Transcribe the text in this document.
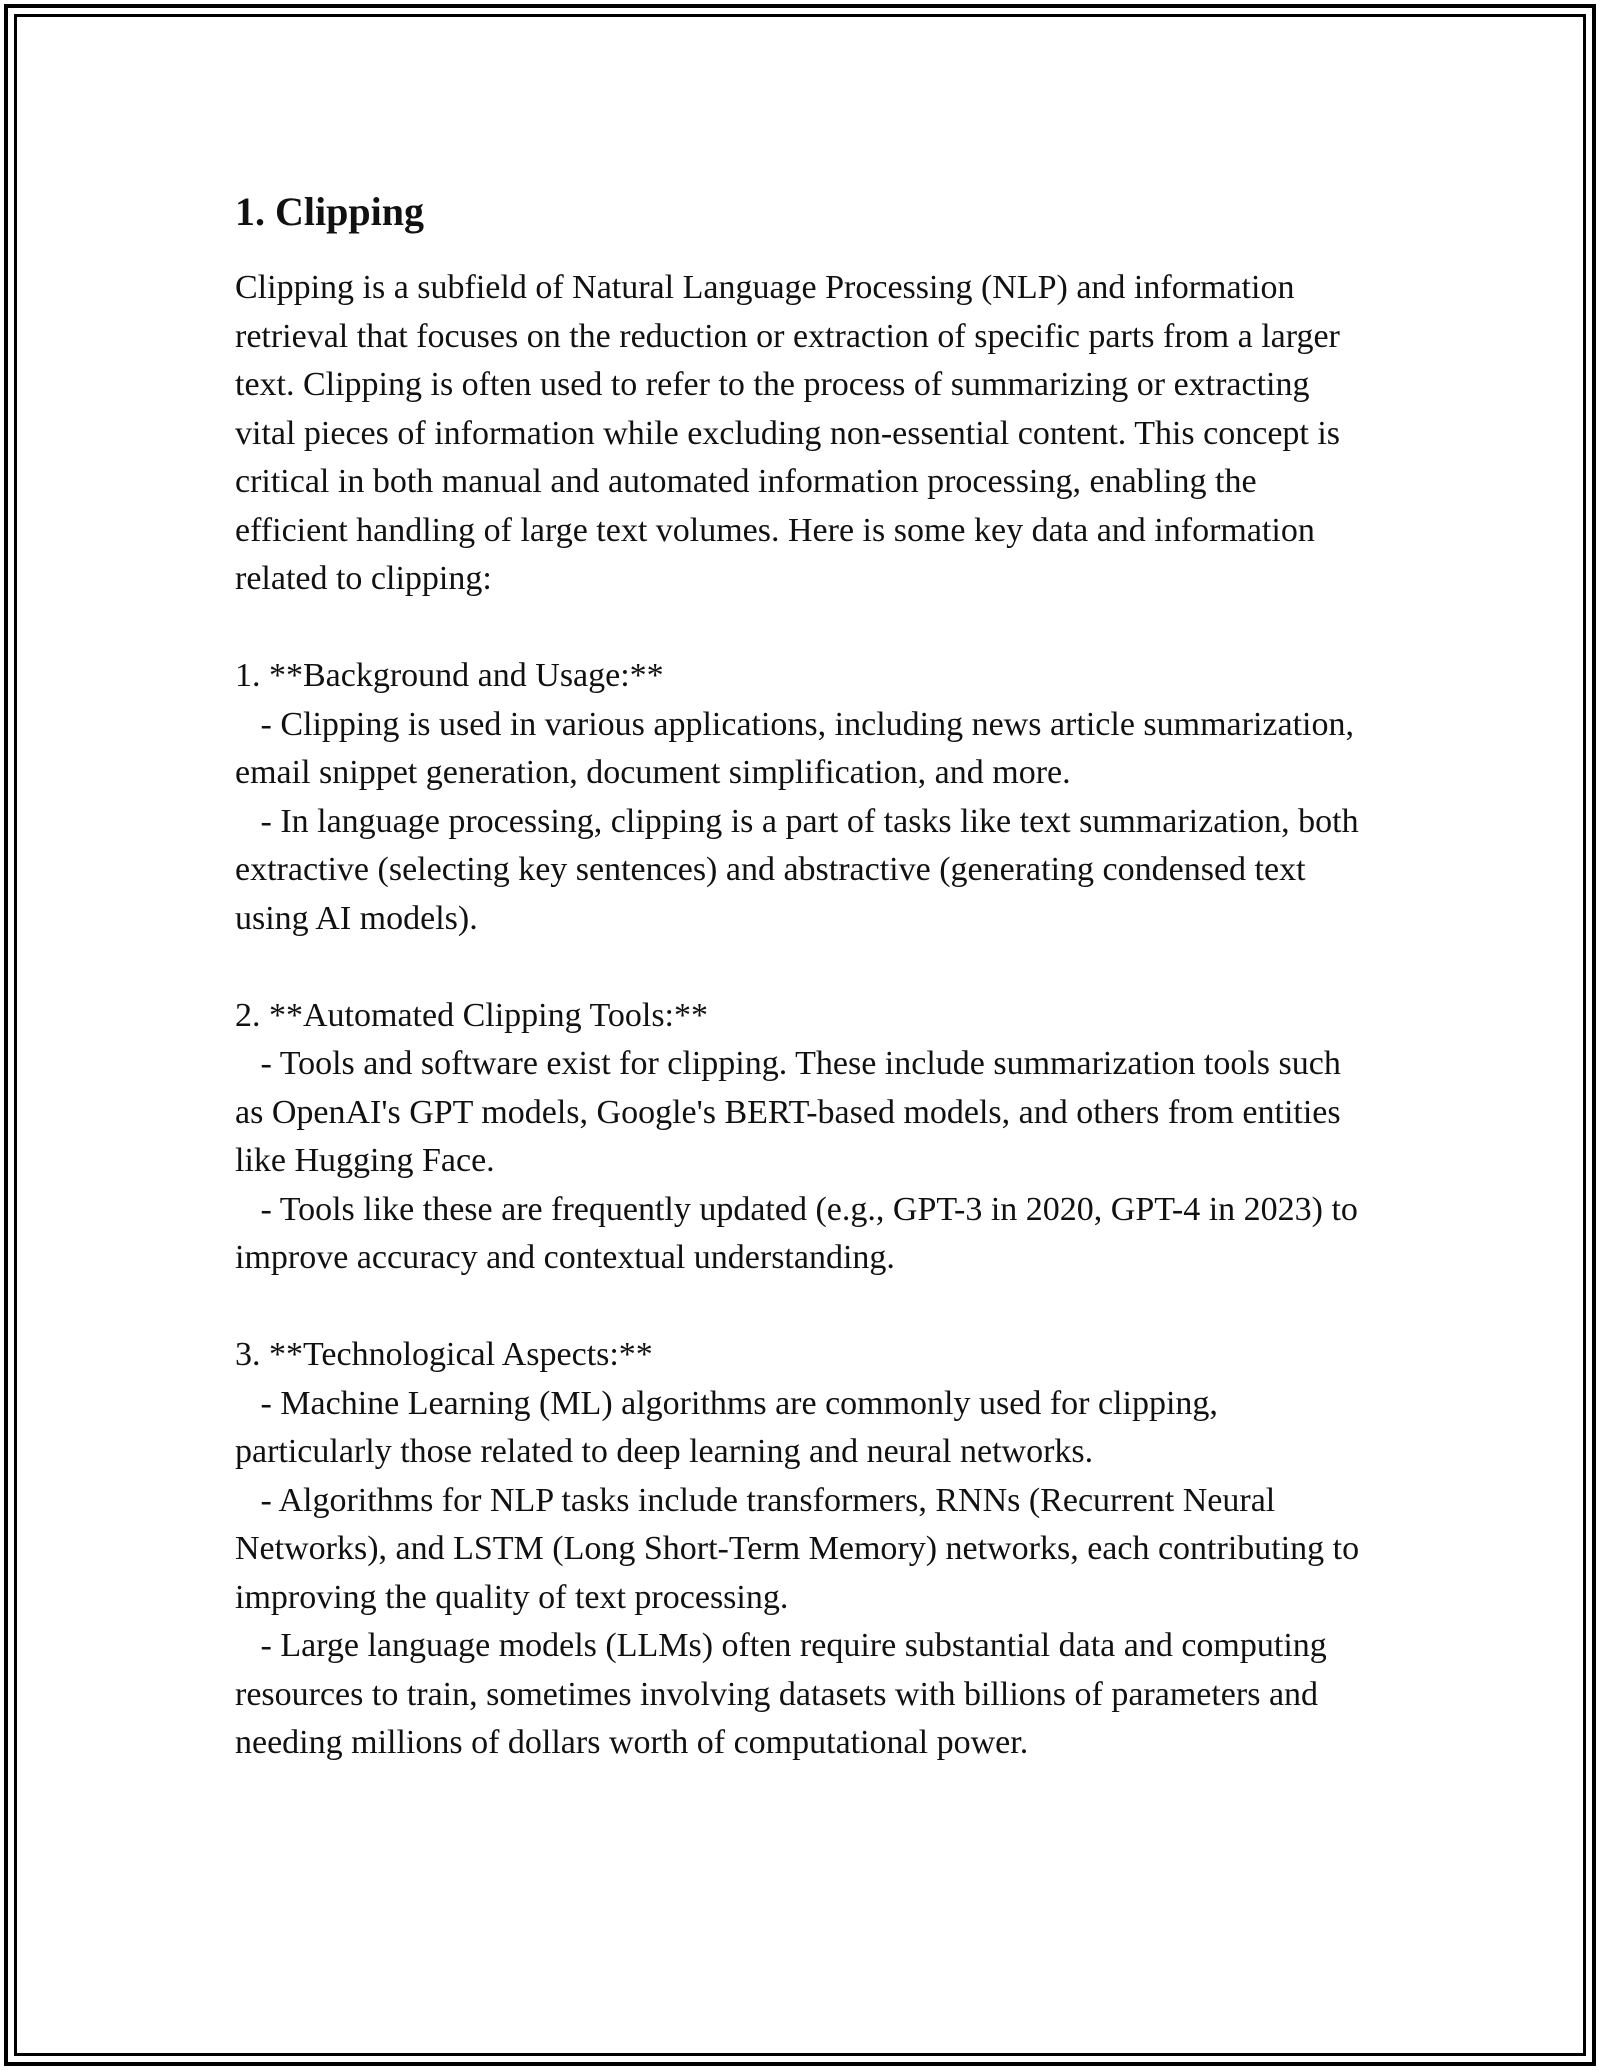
1. Clipping

Clipping is a subfield of Natural Language Processing (NLP) and information retrieval that focuses on the reduction or extraction of specific parts from a larger text. Clipping is often used to refer to the process of summarizing or extracting vital pieces of information while excluding non-essential content. This concept is critical in both manual and automated information processing, enabling the efficient handling of large text volumes. Here is some key data and information related to clipping:

1. **Background and Usage:**
- Clipping is used in various applications, including news article summarization, email snippet generation, document simplification, and more.
- In language processing, clipping is a part of tasks like text summarization, both extractive (selecting key sentences) and abstractive (generating condensed text using AI models).
2. **Automated Clipping Tools:**
- Tools and software exist for clipping. These include summarization tools such as OpenAI's GPT models, Google's BERT-based models, and others from entities like Hugging Face.
- Tools like these are frequently updated (e.g., GPT-3 in 2020, GPT-4 in 2023) to improve accuracy and contextual understanding.
3. **Technological Aspects:**
- Machine Learning (ML) algorithms are commonly used for clipping, particularly those related to deep learning and neural networks.
- Algorithms for NLP tasks include transformers, RNNs (Recurrent Neural Networks), and LSTM (Long Short-Term Memory) networks, each contributing to improving the quality of text processing.
- Large language models (LLMs) often require substantial data and computing resources to train, sometimes involving datasets with billions of parameters and needing millions of dollars worth of computational power.
